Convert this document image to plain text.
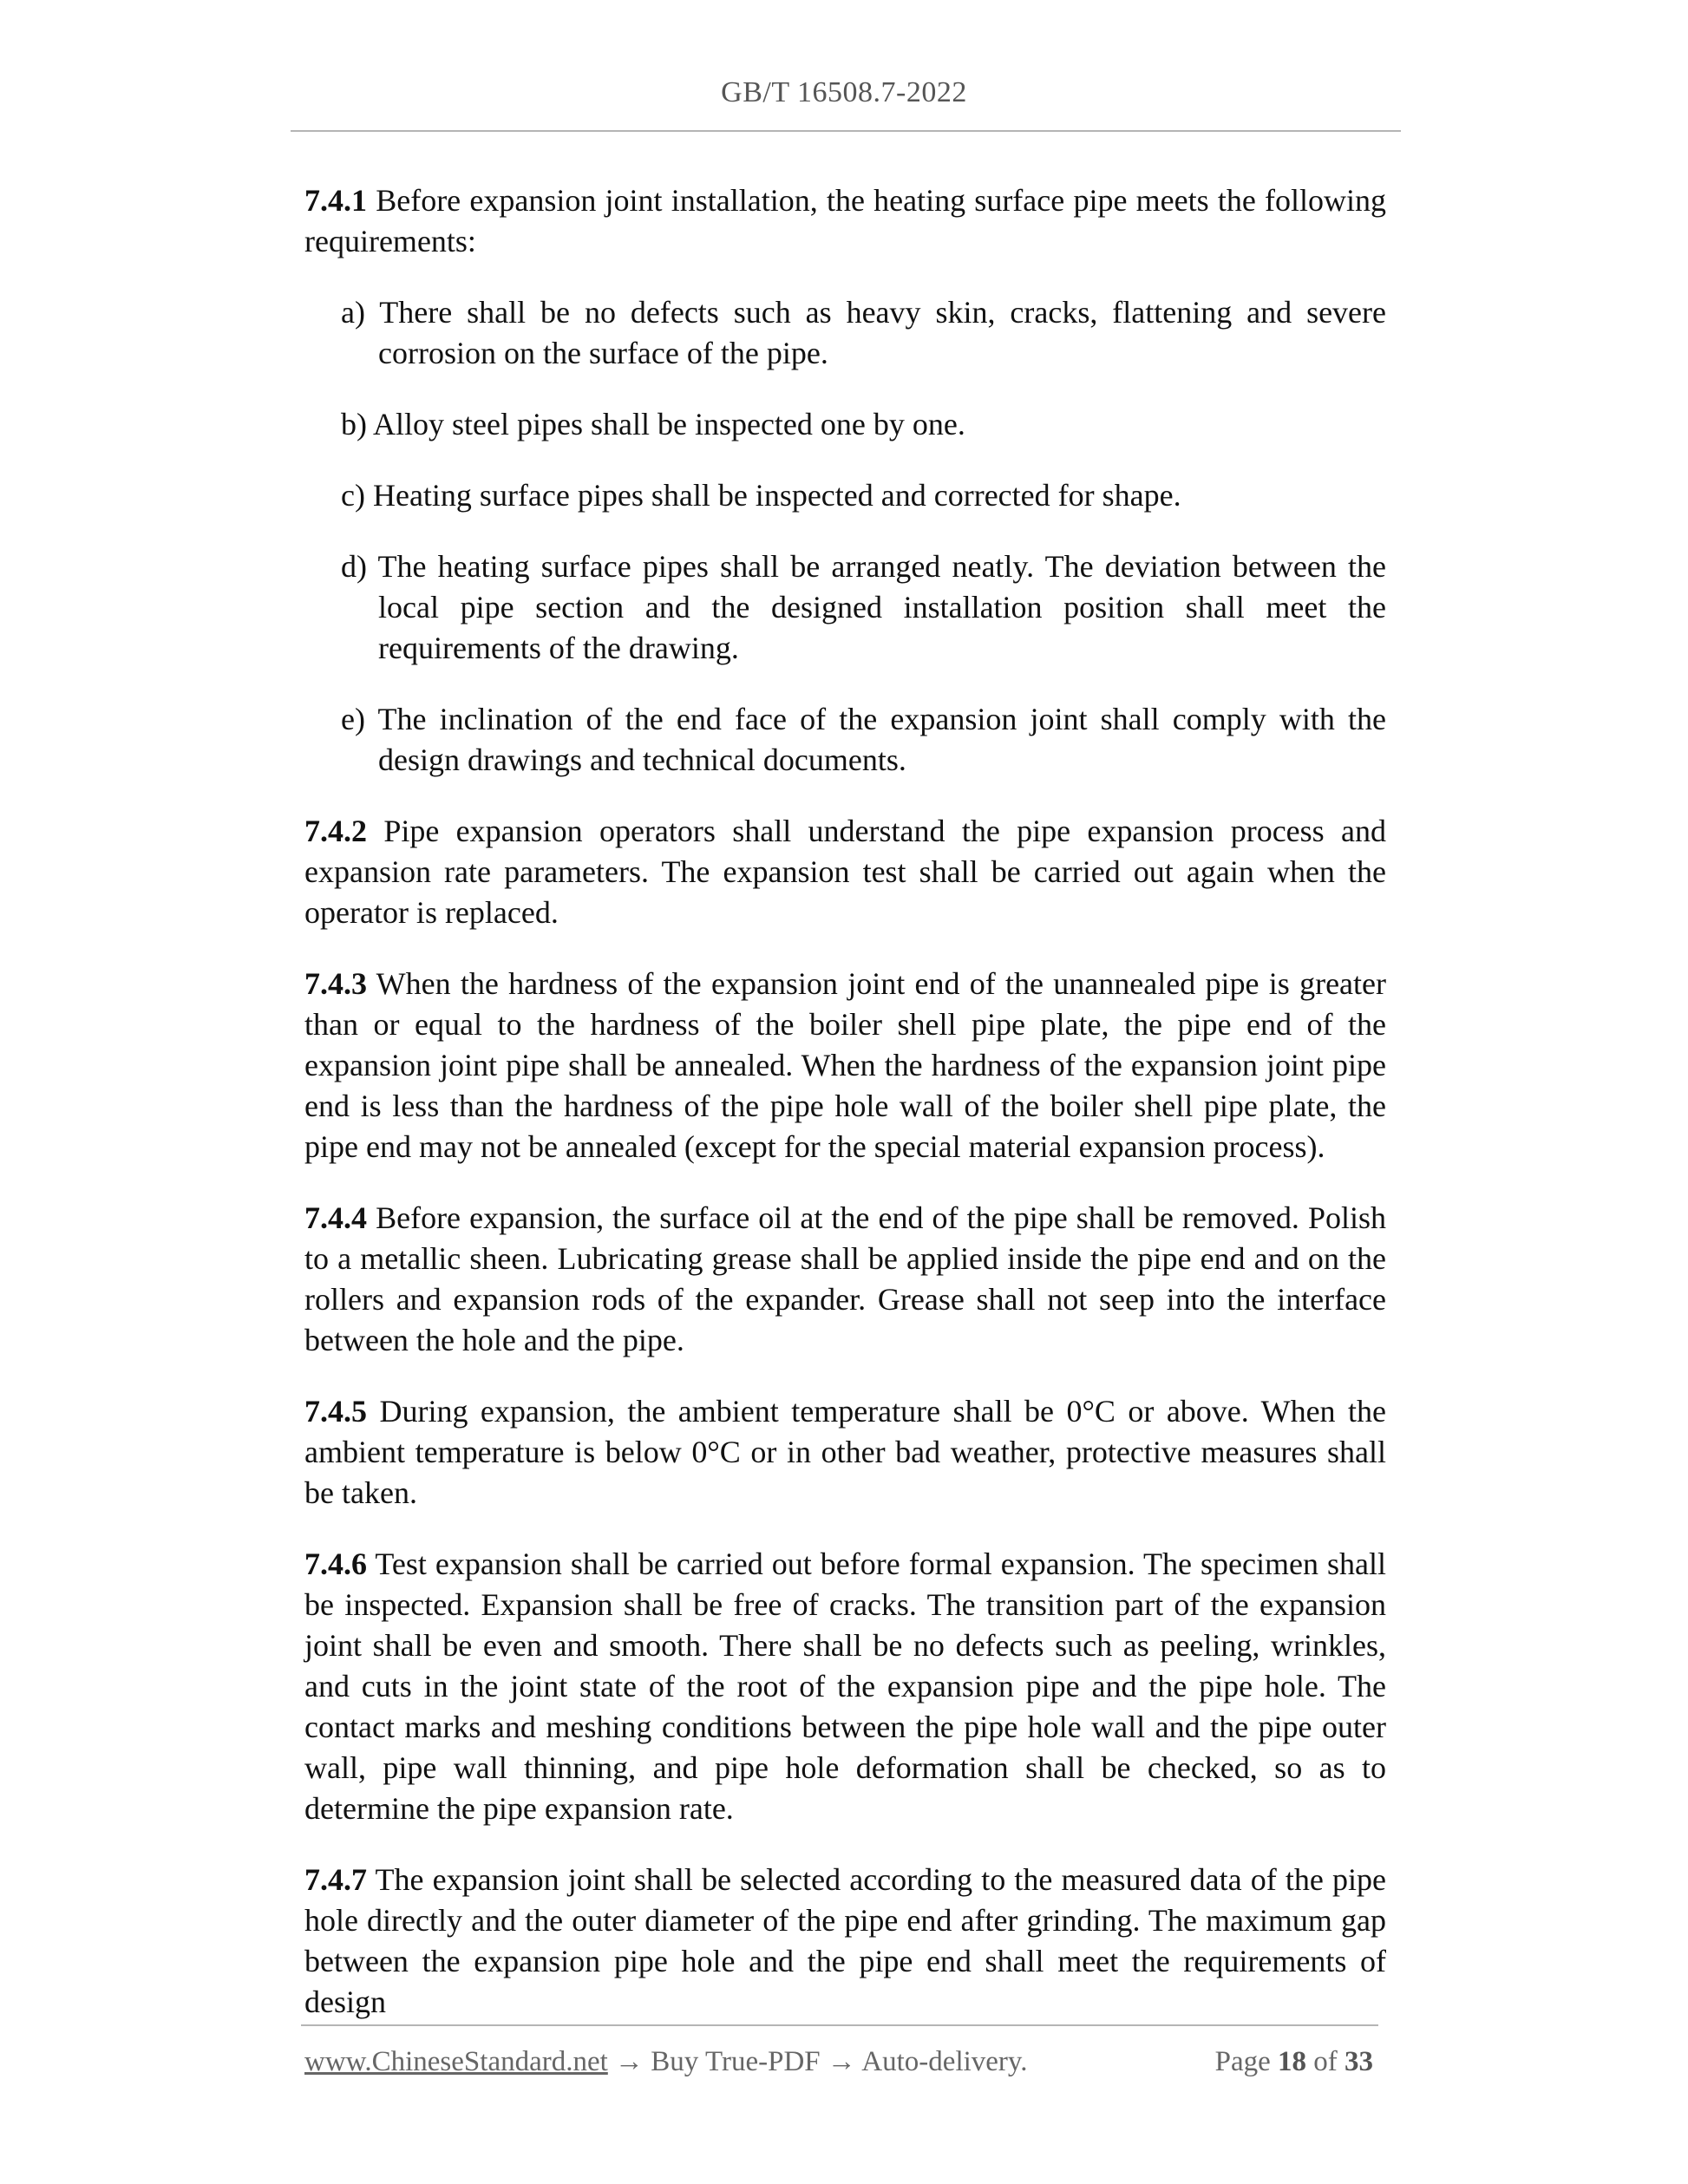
GB/T 16508.7-2022

7.4.1 Before expansion joint installation, the heating surface pipe meets the following requirements:

a) There shall be no defects such as heavy skin, cracks, flattening and severe corrosion on the surface of the pipe.

b) Alloy steel pipes shall be inspected one by one.

c) Heating surface pipes shall be inspected and corrected for shape.

d) The heating surface pipes shall be arranged neatly. The deviation between the local pipe section and the designed installation position shall meet the requirements of the drawing.

e) The inclination of the end face of the expansion joint shall comply with the design drawings and technical documents.

7.4.2 Pipe expansion operators shall understand the pipe expansion process and expansion rate parameters. The expansion test shall be carried out again when the operator is replaced.

7.4.3 When the hardness of the expansion joint end of the unannealed pipe is greater than or equal to the hardness of the boiler shell pipe plate, the pipe end of the expansion joint pipe shall be annealed. When the hardness of the expansion joint pipe end is less than the hardness of the pipe hole wall of the boiler shell pipe plate, the pipe end may not be annealed (except for the special material expansion process).

7.4.4 Before expansion, the surface oil at the end of the pipe shall be removed. Polish to a metallic sheen. Lubricating grease shall be applied inside the pipe end and on the rollers and expansion rods of the expander. Grease shall not seep into the interface between the hole and the pipe.

7.4.5 During expansion, the ambient temperature shall be 0°C or above. When the ambient temperature is below 0°C or in other bad weather, protective measures shall be taken.

7.4.6 Test expansion shall be carried out before formal expansion. The specimen shall be inspected. Expansion shall be free of cracks. The transition part of the expansion joint shall be even and smooth. There shall be no defects such as peeling, wrinkles, and cuts in the joint state of the root of the expansion pipe and the pipe hole. The contact marks and meshing conditions between the pipe hole wall and the pipe outer wall, pipe wall thinning, and pipe hole deformation shall be checked, so as to determine the pipe expansion rate.

7.4.7 The expansion joint shall be selected according to the measured data of the pipe hole directly and the outer diameter of the pipe end after grinding. The maximum gap between the expansion pipe hole and the pipe end shall meet the requirements of design

www.ChineseStandard.net → Buy True-PDF → Auto-delivery.	Page 18 of 33
